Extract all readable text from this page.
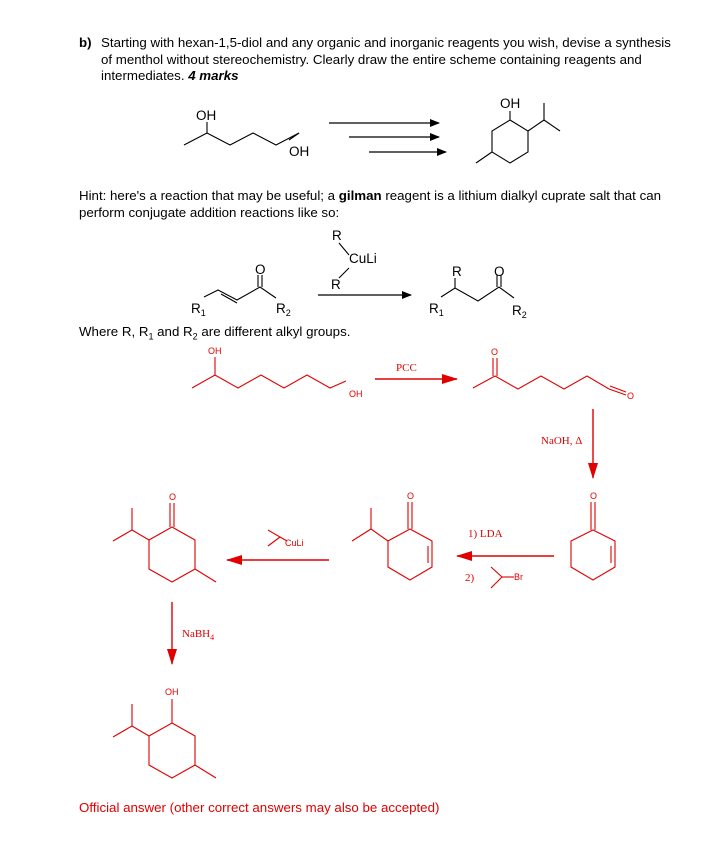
b) Starting with hexan-1,5-diol and any organic and inorganic reagents you wish, devise a synthesis of menthol without stereochemistry. Clearly draw the entire scheme containing reagents and intermediates. 4 marks
Hint: here's a reaction that may be useful; a gilman reagent is a lithium dialkyl cuprate salt that can perform conjugate addition reactions like so:
Where R, $R_1$ and $R_2$ are different alkyl groups.
OH
OH
OH
R
CuLi
R
O
$R_1$	$R_2$
R O
$R_1$	$R_2$
OH
OH
PCC
O
O
NaOH, Δ
O
1) LDA
2)	Br
O
CuLi
O
NaBH$_4$
OH
Official answer (other correct answers may also be accepted)
